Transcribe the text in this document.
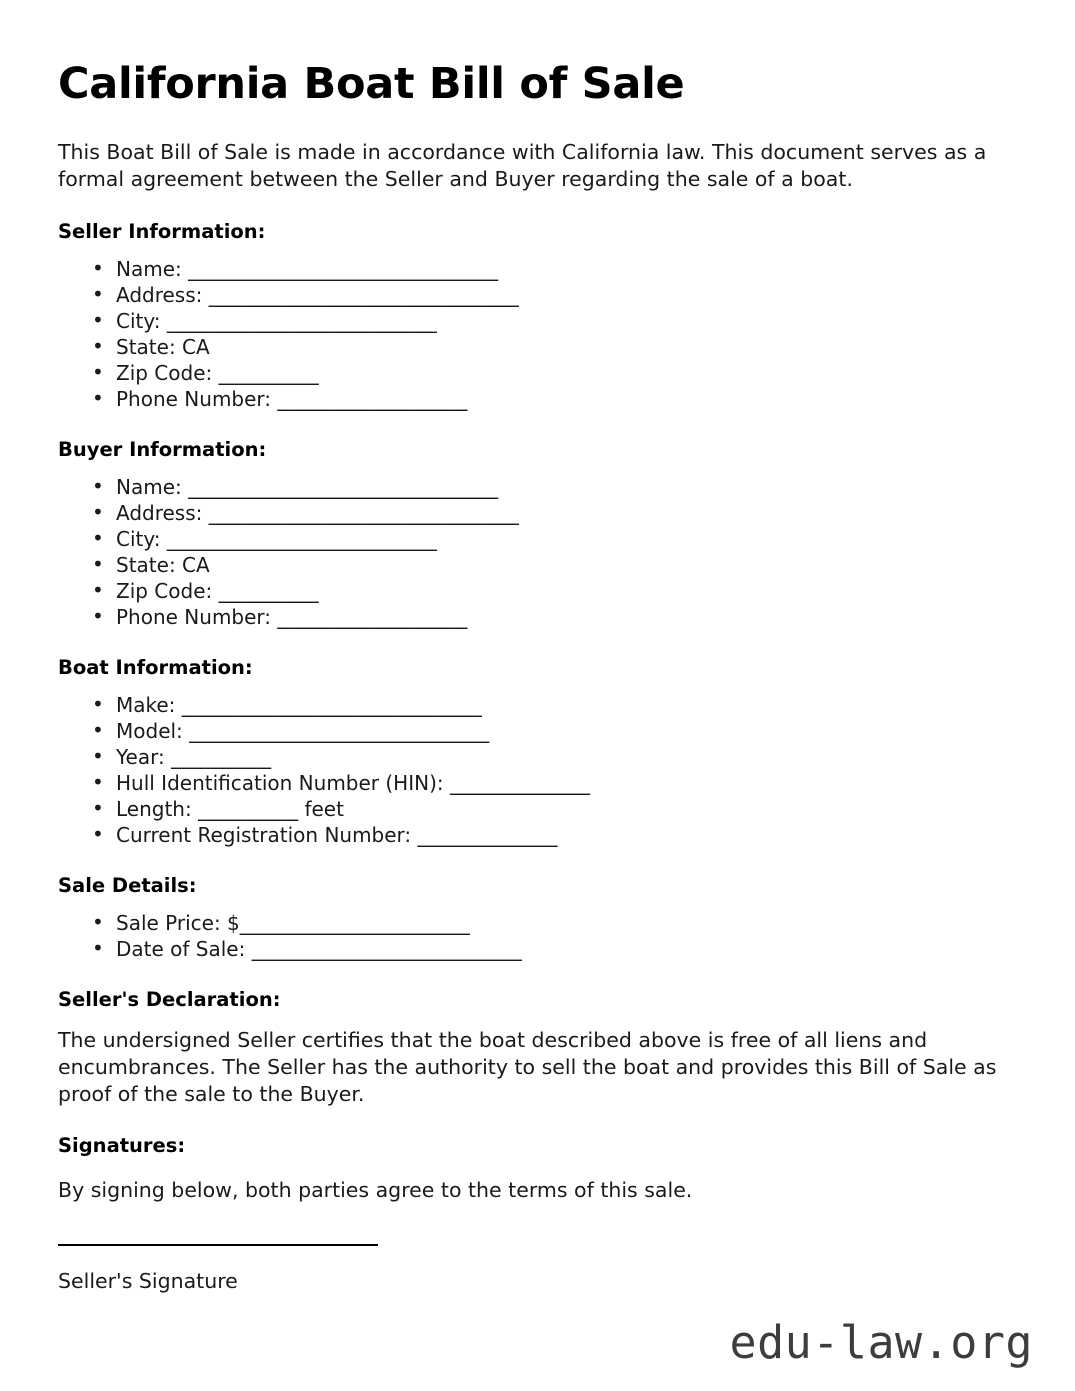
California Boat Bill of Sale

This Boat Bill of Sale is made in accordance with California law. This document serves as a formal agreement between the Seller and Buyer regarding the sale of a boat.

Seller Information:
• Name: _______________________________
• Address: _______________________________
• City: ___________________________
• State: CA
• Zip Code: __________
• Phone Number: ___________________
Buyer Information:
• Name: _______________________________
• Address: _______________________________
• City: ___________________________
• State: CA
• Zip Code: __________
• Phone Number: ___________________
Boat Information:
• Make: ______________________________
• Model: ______________________________
• Year: __________
• Hull Identification Number (HIN): ______________
• Length: __________ feet
• Current Registration Number: ______________
Sale Details:
• Sale Price: $_______________________
• Date of Sale: ___________________________
Seller's Declaration:

The undersigned Seller certifies that the boat described above is free of all liens and encumbrances. The Seller has the authority to sell the boat and provides this Bill of Sale as proof of the sale to the Buyer.

Signatures:

By signing below, both parties agree to the terms of this sale.

Seller's Signature

edu-law.org
